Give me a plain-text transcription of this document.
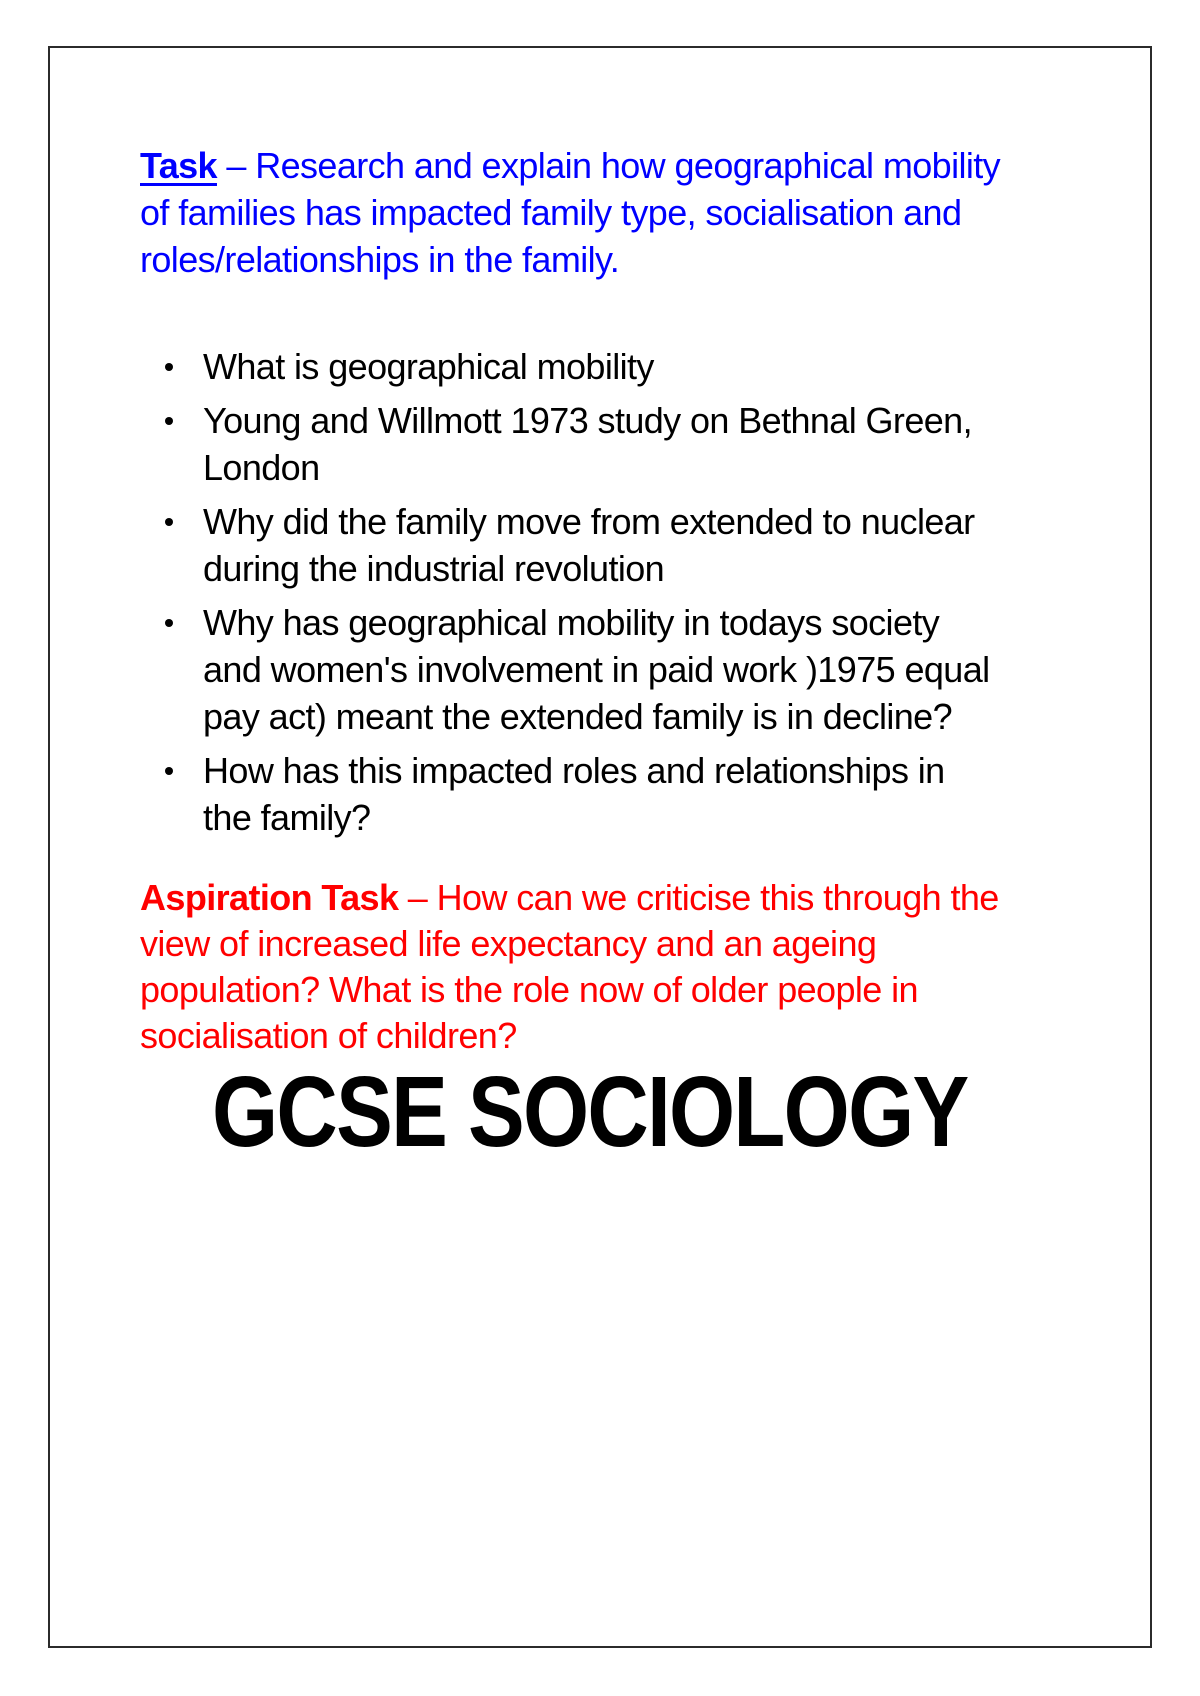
Task – Research and explain how geographical mobility
of families has impacted family type, socialisation and
roles/relationships in the family.
What is geographical mobility
Young and Willmott 1973 study on Bethnal Green,
London
Why did the family move from extended to nuclear
during the industrial revolution
Why has geographical mobility in todays society
and women's involvement in paid work )1975 equal
pay act) meant the extended family is in decline?
How has this impacted roles and relationships in
the family?
Aspiration Task – How can we criticise this through the
view of increased life expectancy and an ageing
population? What is the role now of older people in
socialisation of children?
GCSE SOCIOLOGY
